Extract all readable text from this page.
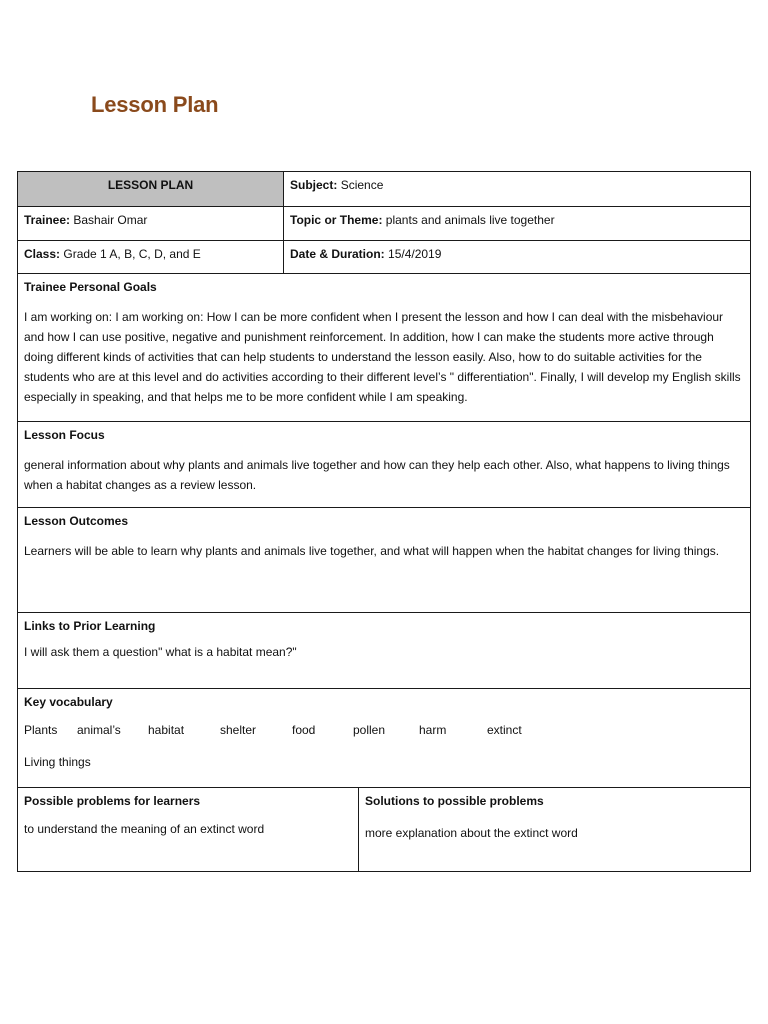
Lesson Plan
LESSON PLAN	Subject: Science
Trainee: Bashair Omar	Topic or Theme: plants and animals live together
Class: Grade 1 A, B, C, D, and E	Date & Duration: 15/4/2019
Trainee Personal Goals
I am working on: I am working on: How I can be more confident when I present the lesson and how I can deal with the misbehaviour and how I can use positive, negative and punishment reinforcement. In addition, how I can make the students more active through doing different kinds of activities that can help students to understand the lesson easily. Also, how to do suitable activities for the students who are at this level and do activities according to their different level’s " differentiation". Finally, I will develop my English skills especially in speaking, and that helps me to be more confident while I am speaking.
Lesson Focus
general information about why plants and animals live together and how can they help each other. Also, what happens to living things when a habitat changes as a review lesson.
Lesson Outcomes
Learners will be able to learn why plants and animals live together, and what will happen when the habitat changes for living things.
Links to Prior Learning
I will ask them a question" what is a habitat mean?"
Key vocabulary
Plants	animal’s	habitat	shelter	food	pollen	harm	extinct
Living things
Possible problems for learners
to understand the meaning of an extinct word
Solutions to possible problems
more explanation about the extinct word
